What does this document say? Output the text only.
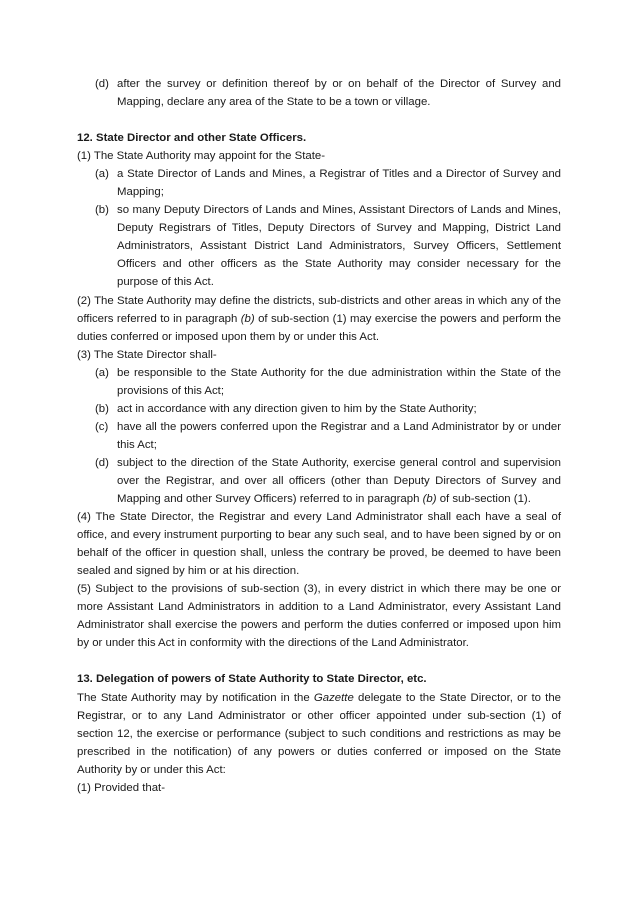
(d) after the survey or definition thereof by or on behalf of the Director of Survey and Mapping, declare any area of the State to be a town or village.
12. State Director and other State Officers.
(1) The State Authority may appoint for the State-
(a) a State Director of Lands and Mines, a Registrar of Titles and a Director of Survey and Mapping;
(b) so many Deputy Directors of Lands and Mines, Assistant Directors of Lands and Mines, Deputy Registrars of Titles, Deputy Directors of Survey and Mapping, District Land Administrators, Assistant District Land Administrators, Survey Officers, Settlement Officers and other officers as the State Authority may consider necessary for the purpose of this Act.
(2) The State Authority may define the districts, sub-districts and other areas in which any of the officers referred to in paragraph (b) of sub-section (1) may exercise the powers and perform the duties conferred or imposed upon them by or under this Act.
(3) The State Director shall-
(a) be responsible to the State Authority for the due administration within the State of the provisions of this Act;
(b) act in accordance with any direction given to him by the State Authority;
(c) have all the powers conferred upon the Registrar and a Land Administrator by or under this Act;
(d) subject to the direction of the State Authority, exercise general control and supervision over the Registrar, and over all officers (other than Deputy Directors of Survey and Mapping and other Survey Officers) referred to in paragraph (b) of sub-section (1).
(4) The State Director, the Registrar and every Land Administrator shall each have a seal of office, and every instrument purporting to bear any such seal, and to have been signed by or on behalf of the officer in question shall, unless the contrary be proved, be deemed to have been sealed and signed by him or at his direction.
(5) Subject to the provisions of sub-section (3), in every district in which there may be one or more Assistant Land Administrators in addition to a Land Administrator, every Assistant Land Administrator shall exercise the powers and perform the duties conferred or imposed upon him by or under this Act in conformity with the directions of the Land Administrator.
13. Delegation of powers of State Authority to State Director, etc.
The State Authority may by notification in the Gazette delegate to the State Director, or to the Registrar, or to any Land Administrator or other officer appointed under sub-section (1) of section 12, the exercise or performance (subject to such conditions and restrictions as may be prescribed in the notification) of any powers or duties conferred or imposed on the State Authority by or under this Act:
(1) Provided that-
